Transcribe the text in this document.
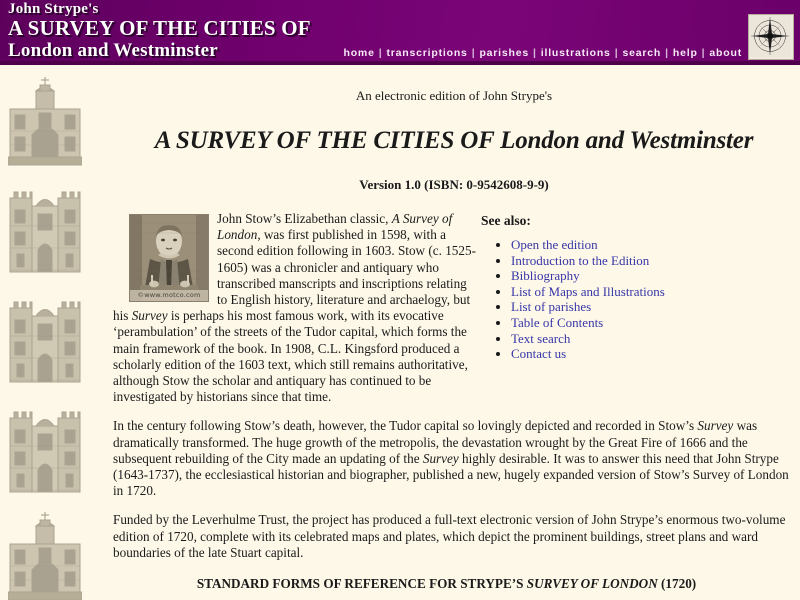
John Strype's
A SURVEY OF THE CITIES OF
London and Westminster	home | transcriptions | parishes | illustrations | search | help | about
An electronic edition of John Strype's
A SURVEY OF THE CITIES OF London and Westminster
Version 1.0 (ISBN: 0-9542608-9-9)
See also:
• Open the edition
• Introduction to the Edition
• Bibliography
• List of Maps and Illustrations
• List of parishes
• Table of Contents
• Text search
• Contact us
©www.motco.com

John Stow’s Elizabethan classic, A Survey of London, was first published in 1598, with a second edition following in 1603. Stow (c. 1525-1605) was a chronicler and antiquary who transcribed manscripts and inscriptions relating to English history, literature and archaelogy, but his Survey is perhaps his most famous work, with its evocative ‘perambulation’ of the streets of the Tudor capital, which forms the main framework of the book. In 1908, C.L. Kingsford produced a scholarly edition of the 1603 text, which still remains authoritative, although Stow the scholar and antiquary has continued to be investigated by historians since that time.

In the century following Stow’s death, however, the Tudor capital so lovingly depicted and recorded in Stow’s Survey was dramatically transformed. The huge growth of the metropolis, the devastation wrought by the Great Fire of 1666 and the subsequent rebuilding of the City made an updating of the Survey highly desirable. It was to answer this need that John Strype (1643-1737), the ecclesiastical historian and biographer, published a new, hugely expanded version of Stow’s Survey of London in 1720.

Funded by the Leverhulme Trust, the project has produced a full-text electronic version of John Strype’s enormous two-volume edition of 1720, complete with its celebrated maps and plates, which depict the prominent buildings, street plans and ward boundaries of the late Stuart capital.

STANDARD FORMS OF REFERENCE FOR STRYPE’S SURVEY OF LONDON (1720)
